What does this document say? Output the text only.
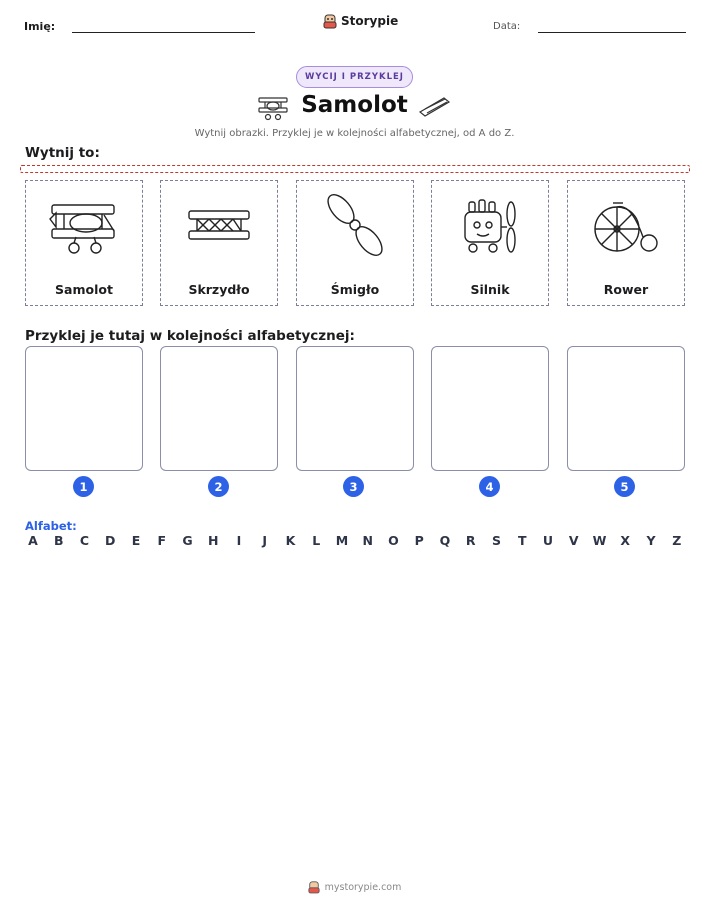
Imię:	Storypie	Data:
WYCIJ I PRZYKLEJ
Samolot
Wytnij obrazki. Przyklej je w kolejności alfabetycznej, od A do Z.
Wytnij to:
Samolot	Skrzydło	Śmigło	Silnik	Rower
Przyklej je tutaj w kolejności alfabetycznej:
1	2	3	4	5
Alfabet:
A B C D E F G H	I	J	K	L	M N O P Q R S T U V W X Y Z
mystorypie.com
